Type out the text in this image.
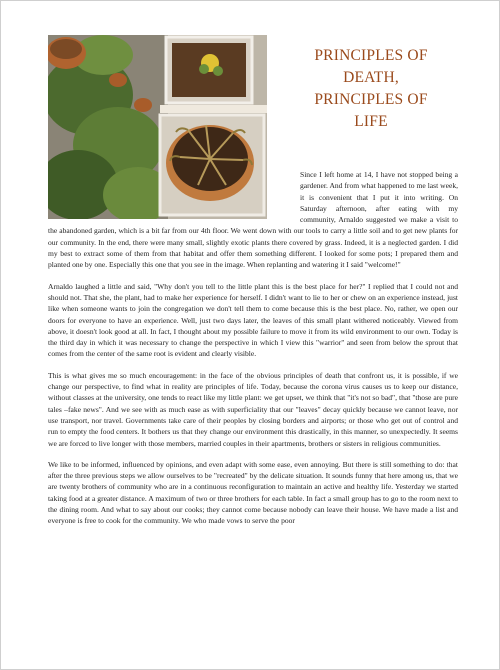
PRINCIPLES OF
DEATH,
PRINCIPLES OF
LIFE

Since I left home at 14, I have not stopped being a gardener. And from what happened to me last week, it is convenient that I put it into writing. On Saturday afternoon, after eating with my community, Arnaldo suggested we make a visit to the abandoned garden, which is a bit far from our 4th floor. We went down with our tools to carry a little soil and to get new plants for our community. In the end, there were many small, slightly exotic plants there covered by grass. Indeed, it is a neglected garden. I did my best to extract some of them from that habitat and offer them something different. I looked for some pots; I prepared them and planted one by one. Especially this one that you see in the image. When replanting and watering it I said "welcome!"

Arnaldo laughed a little and said, "Why don't you tell to the little plant this is the best place for her?" I replied that I could not and should not. That she, the plant, had to make her experience for herself. I didn't want to lie to her or chew on an experience instead, just like when someone wants to join the congregation we don't tell them to come because this is the best place. No, rather, we open our doors for everyone to have an experience. Well, just two days later, the leaves of this small plant withered noticeably. Viewed from above, it doesn't look good at all. In fact, I thought about my possible failure to move it from its wild environment to our own. Today is the third day in which it was necessary to change the perspective in which I view this "warrior" and seen from below the sprout that comes from the center of the same root is evident and clearly visible.

This is what gives me so much encouragement: in the face of the obvious principles of death that confront us, it is possible, if we change our perspective, to find what in reality are principles of life. Today, because the corona virus causes us to keep our distance, without classes at the university, one tends to react like my little plant: we get upset, we think that "it's not so bad", that "those are pure tales –fake news". And we see with as much ease as with superficiality that our "leaves" decay quickly because we cannot leave, nor use transport, nor travel. Governments take care of their peoples by closing borders and airports; or those who get out of control and run to empty the food centers. It bothers us that they change our environment this drastically, in this manner, so unexpectedly. It seems we are forced to live longer with those members, married couples in their apartments, brothers or sisters in religious communities.

We like to be informed, influenced by opinions, and even adapt with some ease, even annoying. But there is still something to do: that after the three previous steps we allow ourselves to be "recreated" by the delicate situation. It sounds funny that here among us, that we are twenty brothers of community who are in a continuous reconfiguration to maintain an active and healthy life. Yesterday we started taking food at a greater distance. A maximum of two or three brothers for each table. In fact a small group has to go to the room next to the dining room. And what to say about our cooks; they cannot come because nobody can leave their house. We have made a list and everyone is free to cook for the community. We who made vows to serve the poor
